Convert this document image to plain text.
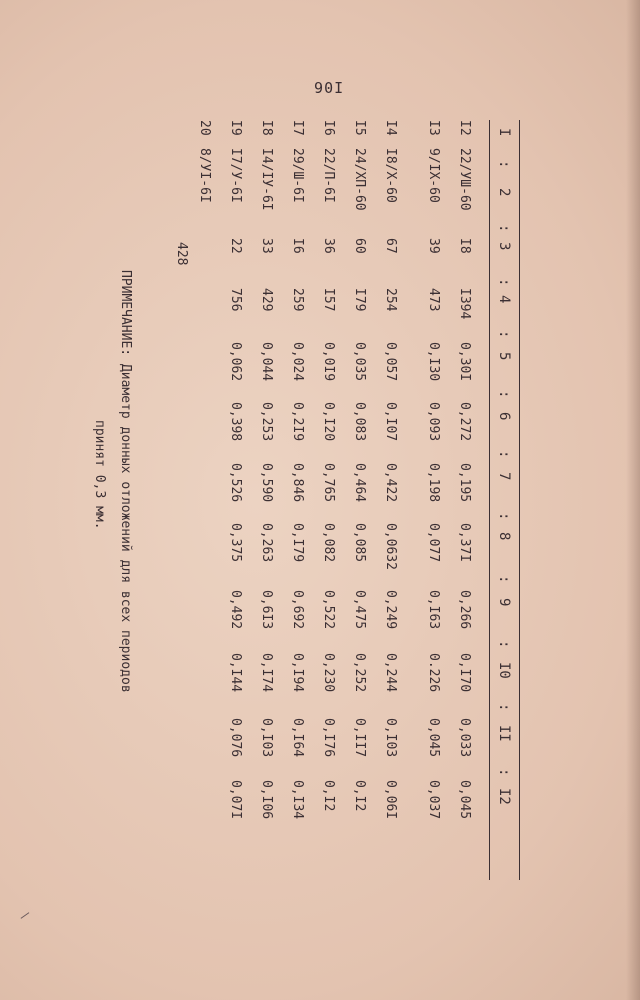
I06
I
2
3
4
5
6
7
8
9
I0
II
I2
:
:
:
:
:
:
:
:
:
:
:
I2
22/УШ-60
I8
I394
0,30I
0,272
0,195
0,37I
0,266
0,I70
0,033
0,045
I3
9/IX-60
39
473
0,I30
0,093
0,198
0,077
0,I63
0.226
0,045
0,037
I4
I8/X-60
67
254
0,057
0,I07
0,422
0,0632
0,249
0,244
0,I03
0,06I
I5
24/XП-60
60
I79
0,035
0,083
0,464
0,085
0,475
0,252
0,II7
0,I2
I6
22/П-6I
36
I57
0,0I9
0,I20
0,765
0,082
0,522
0,230
0,I76
0,I2
I7
29/Ш-6I
I6
259
0,024
0,2I9
0,846
0,I79
0,692
0,I94
0,I64
0,I34
I8
I4/IУ-6I
33
429
0,044
0,253
0,590
0,263
0,6I3
0,I74
0,I03
0,I06
I9
I7/У-6I
22
756
0,062
0,398
0,526
0,375
0,492
0,I44
0,076
0,07I
20
8/УI-6I
428
ПРИМЕЧАНИЕ: Диаметр донных отложений для всех периодов
принят 0,3 мм.
